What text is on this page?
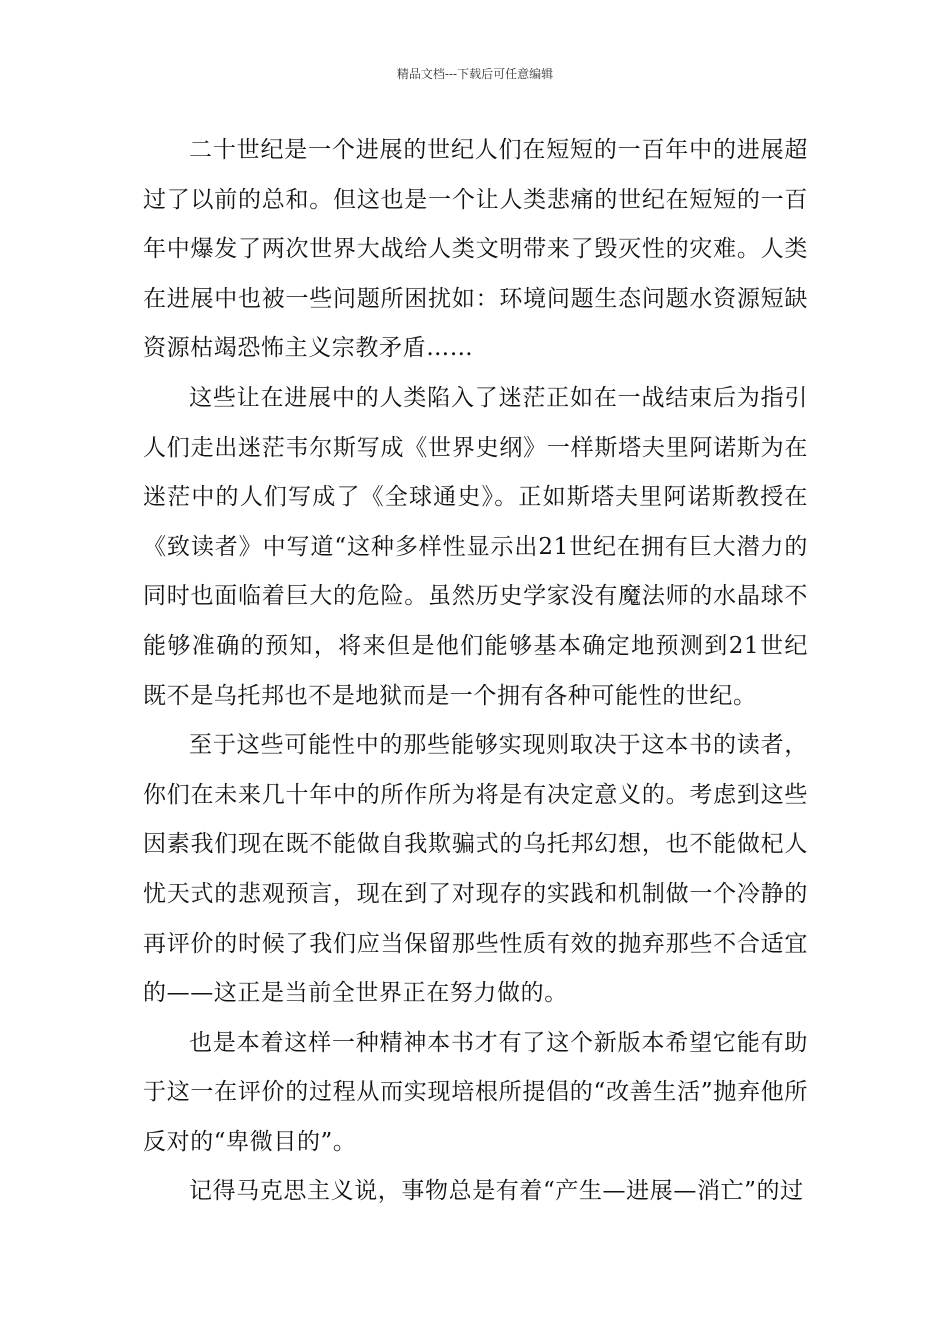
精品文档---下载后可任意编辑

二十世纪是一个进展的世纪人们在短短的一百年中的进展超过了以前的总和。但这也是一个让人类悲痛的世纪在短短的一百年中爆发了两次世界大战给人类文明带来了毁灭性的灾难。人类在进展中也被一些问题所困扰如：环境问题生态问题水资源短缺资源枯竭恐怖主义宗教矛盾……

这些让在进展中的人类陷入了迷茫正如在一战结束后为指引人们走出迷茫韦尔斯写成《世界史纲》一样斯塔夫里阿诺斯为在迷茫中的人们写成了《全球通史》。正如斯塔夫里阿诺斯教授在《致读者》中写道“这种多样性显示出21世纪在拥有巨大潜力的同时也面临着巨大的危险。虽然历史学家没有魔法师的水晶球不能够准确的预知，将来但是他们能够基本确定地预测到21世纪既不是乌托邦也不是地狱而是一个拥有各种可能性的世纪。

至于这些可能性中的那些能够实现则取决于这本书的读者，你们在未来几十年中的所作所为将是有决定意义的。考虑到这些因素我们现在既不能做自我欺骗式的乌托邦幻想，也不能做杞人忧天式的悲观预言，现在到了对现存的实践和机制做一个冷静的再评价的时候了我们应当保留那些性质有效的抛弃那些不合适宜的——这正是当前全世界正在努力做的。

也是本着这样一种精神本书才有了这个新版本希望它能有助于这一在评价的过程从而实现培根所提倡的“改善生活”抛弃他所反对的“卑微目的”。

记得马克思主义说，事物总是有着“产生—进展—消亡”的过
